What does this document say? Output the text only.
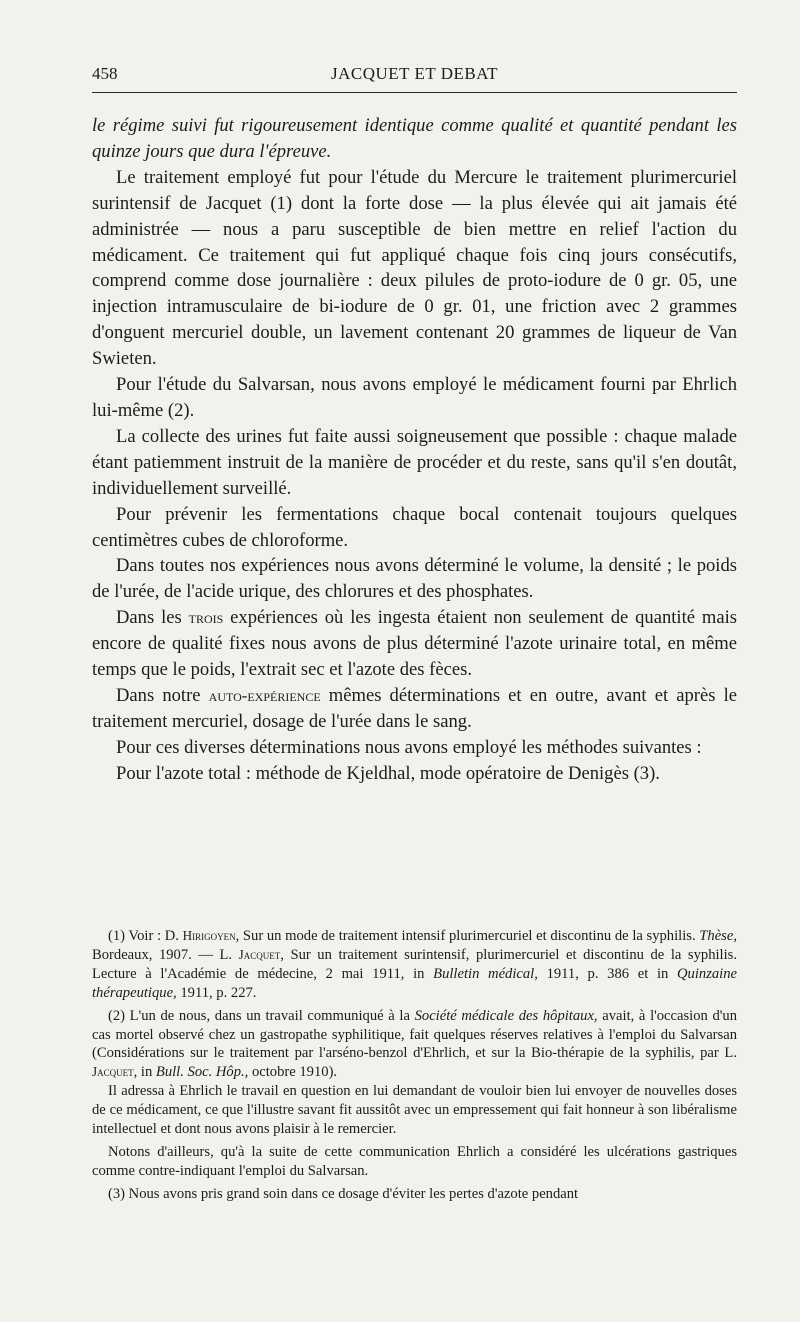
458	JACQUET ET DEBAT

le régime suivi fut rigoureusement identique comme qualité et quantité pendant les quinze jours que dura l'épreuve.

Le traitement employé fut pour l'étude du Mercure le traitement plurimercuriel surintensif de Jacquet (1) dont la forte dose — la plus élevée qui ait jamais été administrée — nous a paru susceptible de bien mettre en relief l'action du médicament. Ce traitement qui fut appliqué chaque fois cinq jours consécutifs, comprend comme dose journalière : deux pilules de proto-iodure de 0 gr. 05, une injection intramusculaire de bi-iodure de 0 gr. 01, une friction avec 2 grammes d'onguent mercuriel double, un lavement contenant 20 grammes de liqueur de Van Swieten.

Pour l'étude du Salvarsan, nous avons employé le médicament fourni par Ehrlich lui-même (2).

La collecte des urines fut faite aussi soigneusement que possible : chaque malade étant patiemment instruit de la manière de procéder et du reste, sans qu'il s'en doutât, individuellement surveillé.

Pour prévenir les fermentations chaque bocal contenait toujours quelques centimètres cubes de chloroforme.

Dans toutes nos expériences nous avons déterminé le volume, la densité ; le poids de l'urée, de l'acide urique, des chlorures et des phosphates.

Dans les trois expériences où les ingesta étaient non seulement de quantité mais encore de qualité fixes nous avons de plus déterminé l'azote urinaire total, en même temps que le poids, l'extrait sec et l'azote des fèces.

Dans notre auto-expérience mêmes déterminations et en outre, avant et après le traitement mercuriel, dosage de l'urée dans le sang.

Pour ces diverses déterminations nous avons employé les méthodes suivantes :

Pour l'azote total : méthode de Kjeldhal, mode opératoire de Denigès (3).

(1) Voir : D. Hirigoyen, Sur un mode de traitement intensif plurimercuriel et discontinu de la syphilis. Thèse, Bordeaux, 1907. — L. Jacquet, Sur un traitement surintensif, plurimercuriel et discontinu de la syphilis. Lecture à l'Académie de médecine, 2 mai 1911, in Bulletin médical, 1911, p. 386 et in Quinzaine thérapeutique, 1911, p. 227.

(2) L'un de nous, dans un travail communiqué à la Société médicale des hôpitaux, avait, à l'occasion d'un cas mortel observé chez un gastropathe syphilitique, fait quelques réserves relatives à l'emploi du Salvarsan (Considérations sur le traitement par l'arséno-benzol d'Ehrlich, et sur la Bio-thérapie de la syphilis, par L. Jacquet, in Bull. Soc. Hôp., octobre 1910).

Il adressa à Ehrlich le travail en question en lui demandant de vouloir bien lui envoyer de nouvelles doses de ce médicament, ce que l'illustre savant fit aussitôt avec un empressement qui fait honneur à son libéralisme intellectuel et dont nous avons plaisir à le remercier.

Notons d'ailleurs, qu'à la suite de cette communication Ehrlich a considéré les ulcérations gastriques comme contre-indiquant l'emploi du Salvarsan.

(3) Nous avons pris grand soin dans ce dosage d'éviter les pertes d'azote pendant
